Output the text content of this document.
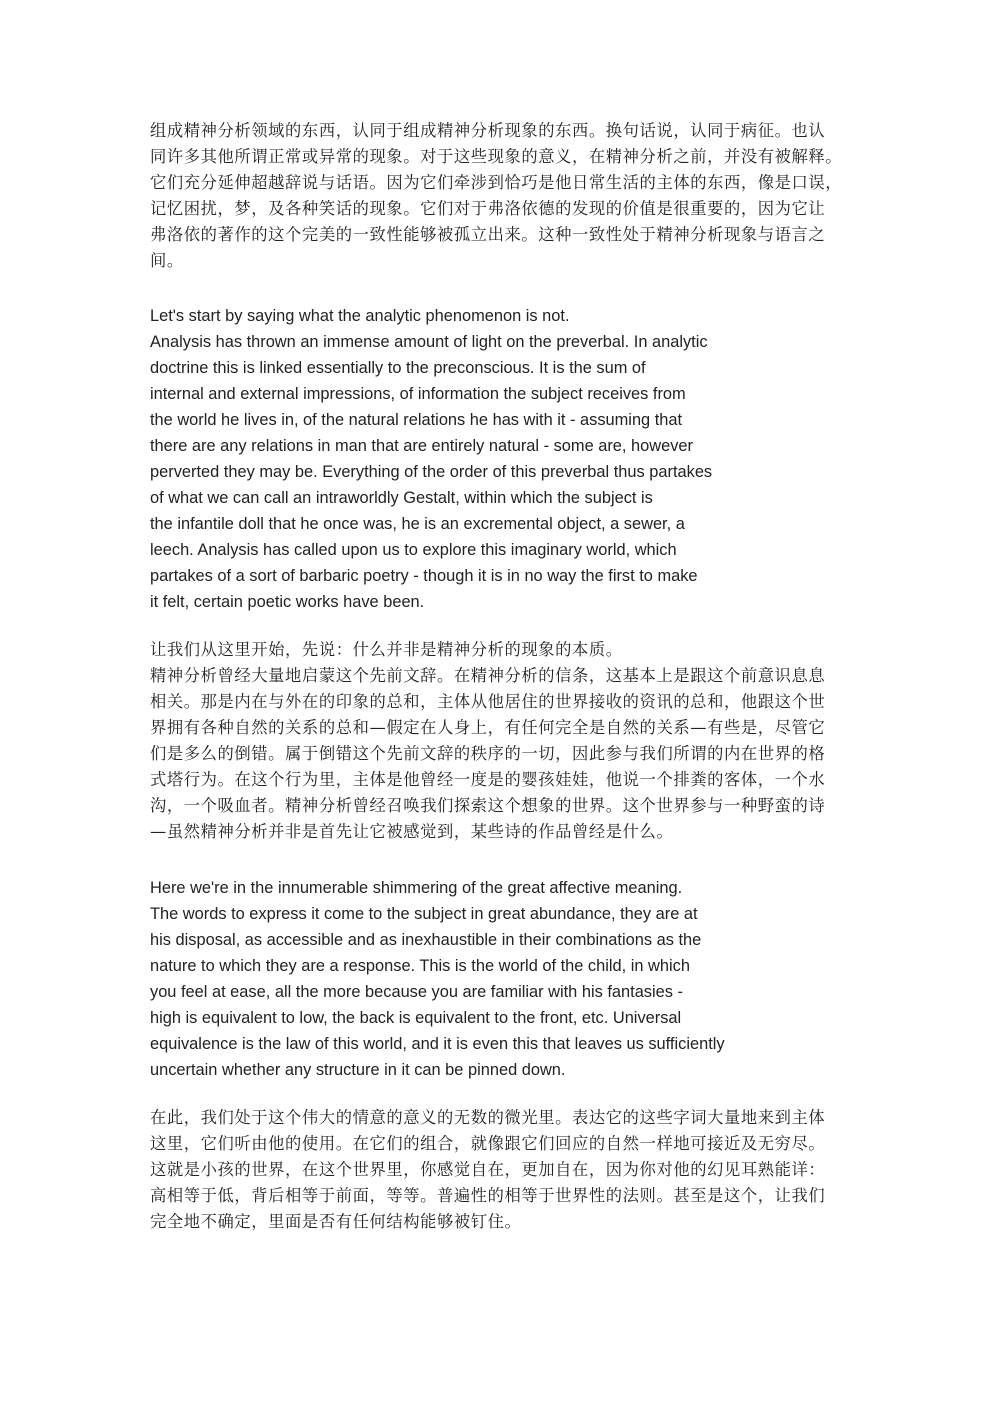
组成精神分析领域的东西，认同于组成精神分析现象的东西。换句话说，认同于病征。也认
同许多其他所谓正常或异常的现象。对于这些现象的意义，在精神分析之前，并没有被解释。
它们充分延伸超越辞说与话语。因为它们牵涉到恰巧是他日常生活的主体的东西，像是口误，
记忆困扰，梦，及各种笑话的现象。它们对于弗洛依德的发现的价值是很重要的，因为它让
弗洛依的著作的这个完美的一致性能够被孤立出来。这种一致性处于精神分析现象与语言之
间。
Let's start by saying what the analytic phenomenon is not.
Analysis has thrown an immense amount of light on the preverbal. In analytic
doctrine this is linked essentially to the preconscious. It is the sum of
internal and external impressions, of information the subject receives from
the world he lives in, of the natural relations he has with it - assuming that
there are any relations in man that are entirely natural - some are, however
perverted they may be. Everything of the order of this preverbal thus partakes
of what we can call an intraworldly Gestalt, within which the subject is
the infantile doll that he once was, he is an excremental object, a sewer, a
leech. Analysis has called upon us to explore this imaginary world, which
partakes of a sort of barbaric poetry - though it is in no way the first to make
it felt, certain poetic works have been.
让我们从这里开始，先说：什么并非是精神分析的现象的本质。
精神分析曾经大量地启蒙这个先前文辞。在精神分析的信条，这基本上是跟这个前意识息息
相关。那是内在与外在的印象的总和，主体从他居住的世界接收的资讯的总和，他跟这个世
界拥有各种自然的关系的总和—假定在人身上，有任何完全是自然的关系—有些是，尽管它
们是多么的倒错。属于倒错这个先前文辞的秩序的一切，因此参与我们所谓的内在世界的格
式塔行为。在这个行为里，主体是他曾经一度是的婴孩娃娃，他说一个排粪的客体，一个水
沟，一个吸血者。精神分析曾经召唤我们探索这个想象的世界。这个世界参与一种野蛮的诗
—虽然精神分析并非是首先让它被感觉到，某些诗的作品曾经是什么。
Here we're in the innumerable shimmering of the great affective meaning.
The words to express it come to the subject in great abundance, they are at
his disposal, as accessible and as inexhaustible in their combinations as the
nature to which they are a response. This is the world of the child, in which
you feel at ease, all the more because you are familiar with his fantasies -
high is equivalent to low, the back is equivalent to the front, etc. Universal
equivalence is the law of this world, and it is even this that leaves us sufficiently
uncertain whether any structure in it can be pinned down.
在此，我们处于这个伟大的情意的意义的无数的微光里。表达它的这些字词大量地来到主体
这里，它们听由他的使用。在它们的组合，就像跟它们回应的自然一样地可接近及无穷尽。
这就是小孩的世界，在这个世界里，你感觉自在，更加自在，因为你对他的幻见耳熟能详：
高相等于低，背后相等于前面，等等。普遍性的相等于世界性的法则。甚至是这个，让我们
完全地不确定，里面是否有任何结构能够被钉住。
